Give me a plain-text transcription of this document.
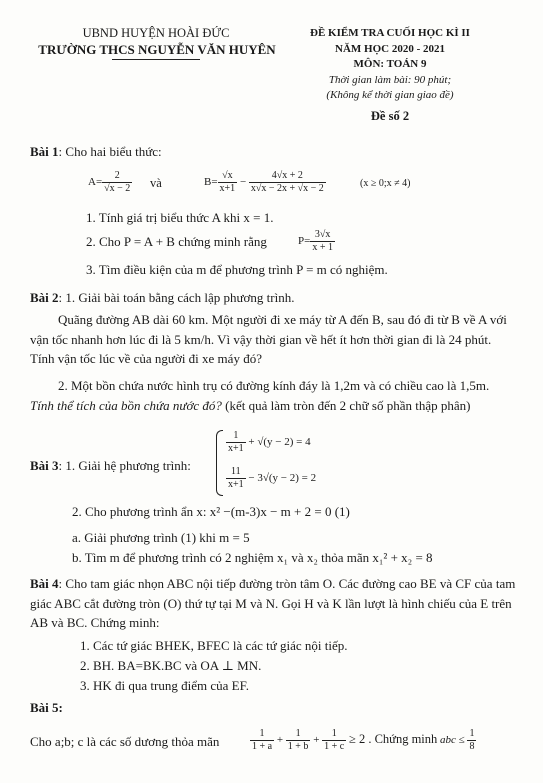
UBND HUYỆN HOÀI ĐỨC
TRƯỜNG THCS NGUYỄN VĂN HUYÊN
ĐỀ KIỂM TRA CUỐI HỌC KÌ II
NĂM HỌC 2020 - 2021
MÔN: TOÁN 9
Thời gian làm bài: 90 phút;
(Không kể thời gian giao đề)
Đề số 2
Bài 1: Cho hai biểu thức:
$A= \frac{2}{√x - 2}$ và	$B= \frac{√x}{x+1} - \frac{4√x + 2}{x√x - 2x + √x - 2}$	(x ≥ 0;x ≠ 4)
1. Tính giá trị biểu thức A khi x = 1.
2. Cho P = A + B chứng minh rằng	$P= \frac{3√x}{x + 1}$
3. Tìm điều kiện của m để phương trình P = m có nghiệm.
Bài 2: 1. Giải bài toán bằng cách lập phương trình.
Quãng đường AB dài 60 km. Một người đi xe máy từ A đến B, sau đó đi từ B về A với vận tốc nhanh hơn lúc đi là 5 km/h. Vì vậy thời gian về hết ít hơn thời gian đi là 24 phút. Tính vận tốc lúc về của người đi xe máy đó?
2. Một bồn chứa nước hình trụ có đường kính đáy là 1,2m và có chiều cao là 1,5m. Tính thể tích của bồn chứa nước đó? (kết quả làm tròn đến 2 chữ số phần thập phân)
Bài 3: 1. Giải hệ phương trình:
$\frac{1}{x+1} + √(y - 2) = 4$
$\frac{11}{x+1} - 3√(y - 2) = 2$
2. Cho phương trình ẩn x: x² −(m-3)x − m + 2 = 0 (1)
a. Giải phương trình (1) khi m = 5
b. Tìm m để phương trình có 2 nghiệm x₁ và x₂ thỏa mãn x₁² + x₂ = 8
Bài 4: Cho tam giác nhọn ABC nội tiếp đường tròn tâm O. Các đường cao BE và CF của tam giác ABC cắt đường tròn (O) thứ tự tại M và N. Gọi H và K lần lượt là hình chiếu của E trên AB và BC. Chứng minh:
1. Các tứ giác BHEK, BFEC là các tứ giác nội tiếp.
2. BH. BA=BK.BC và OA ⊥ MN.
3. HK đi qua trung điểm của EF.
Bài 5:
Cho a;b; c là các số dương thỏa mãn	$\frac{1}{1 + a} + \frac{1}{1 + b} + \frac{1}{1 + c} \ge 2$ . Chứng minh abc ≤ $\frac{1}{8}$
